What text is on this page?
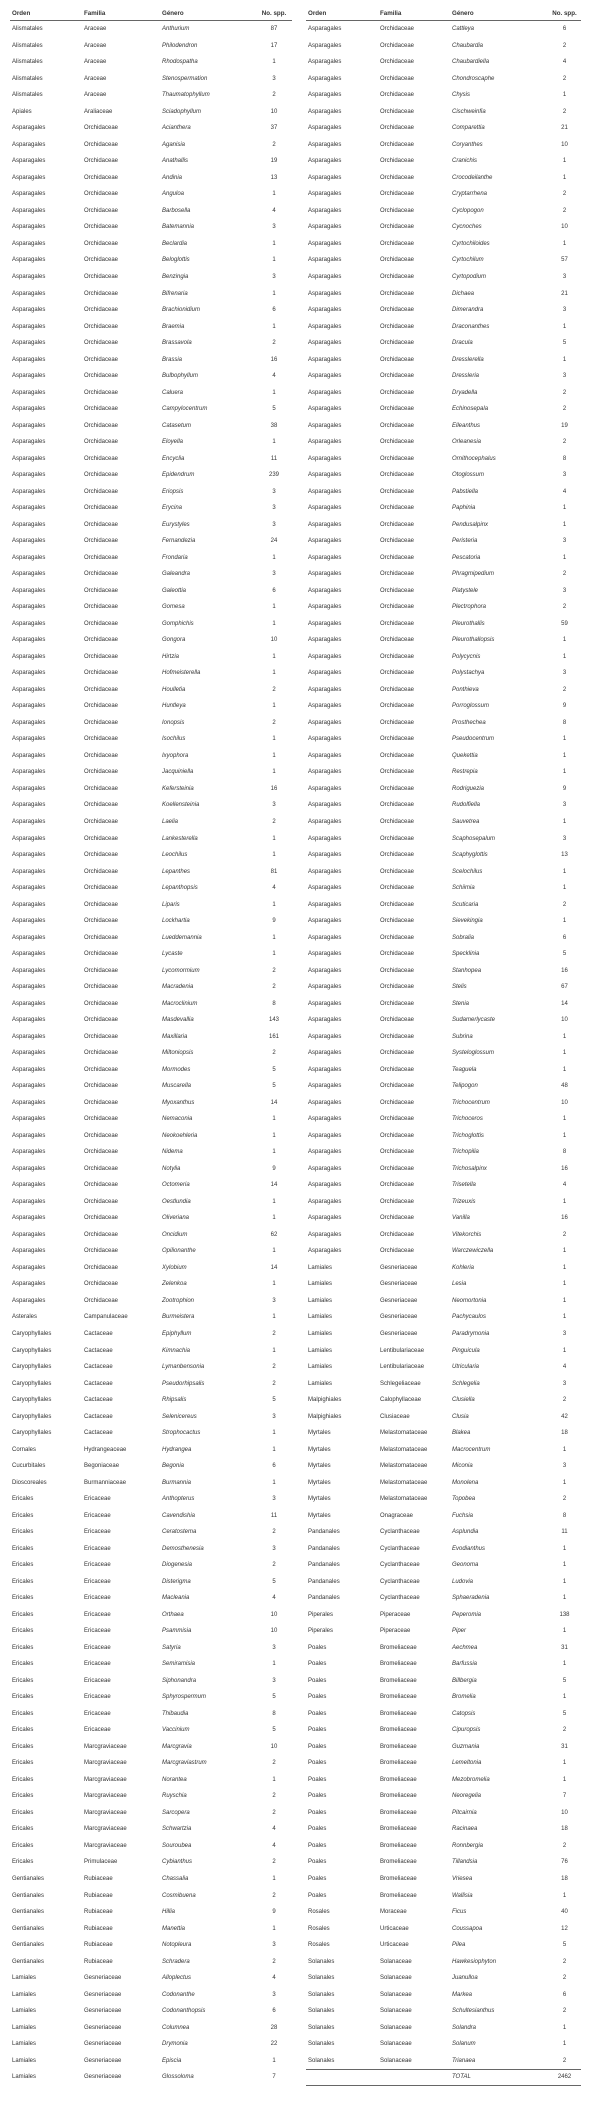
Orden	Familia	Género	No. spp.
Alismatales	Araceae	Anthurium	87
Alismatales	Araceae	Philodendron	17
Alismatales	Araceae	Rhodospatha	1
Alismatales	Araceae	Stenospermation	3
Alismatales	Araceae	Thaumatophyllum	2
Apiales	Araliaceae	Sciadophyllum	10
Asparagales	Orchidaceae	Acianthera	37
Asparagales	Orchidaceae	Aganisia	2
Asparagales	Orchidaceae	Anathallis	19
Asparagales	Orchidaceae	Andinia	13
Asparagales	Orchidaceae	Anguloa	1
Asparagales	Orchidaceae	Barbosella	4
Asparagales	Orchidaceae	Batemannia	3
Asparagales	Orchidaceae	Beclardia	1
Asparagales	Orchidaceae	Beloglottis	1
Asparagales	Orchidaceae	Benzingia	3
Asparagales	Orchidaceae	Bifrenaria	1
Asparagales	Orchidaceae	Brachionidium	6
Asparagales	Orchidaceae	Braemia	1
Asparagales	Orchidaceae	Brassavola	2
Asparagales	Orchidaceae	Brassia	16
Asparagales	Orchidaceae	Bulbophyllum	4
Asparagales	Orchidaceae	Caluera	1
Asparagales	Orchidaceae	Campylocentrum	5
Asparagales	Orchidaceae	Catasetum	38
Asparagales	Orchidaceae	Eloyella	1
Asparagales	Orchidaceae	Encyclia	11
Asparagales	Orchidaceae	Epidendrum	239
Asparagales	Orchidaceae	Eriopsis	3
Asparagales	Orchidaceae	Erycina	3
Asparagales	Orchidaceae	Eurystyles	3
Asparagales	Orchidaceae	Fernandezia	24
Asparagales	Orchidaceae	Frondaria	1
Asparagales	Orchidaceae	Galeandra	3
Asparagales	Orchidaceae	Galeottia	6
Asparagales	Orchidaceae	Gomesa	1
Asparagales	Orchidaceae	Gomphichis	1
Asparagales	Orchidaceae	Gongora	10
Asparagales	Orchidaceae	Hirtzia	1
Asparagales	Orchidaceae	Hofmeisterella	1
Asparagales	Orchidaceae	Houlletia	2
Asparagales	Orchidaceae	Huntleya	1
Asparagales	Orchidaceae	Ionopsis	2
Asparagales	Orchidaceae	Isochilus	1
Asparagales	Orchidaceae	Ixyophora	1
Asparagales	Orchidaceae	Jacquiniella	1
Asparagales	Orchidaceae	Kefersteinia	16
Asparagales	Orchidaceae	Koellensteinia	3
Asparagales	Orchidaceae	Laelia	2
Asparagales	Orchidaceae	Lankesterella	1
Asparagales	Orchidaceae	Leochilus	1
Asparagales	Orchidaceae	Lepanthes	81
Asparagales	Orchidaceae	Lepanthopsis	4
Asparagales	Orchidaceae	Liparis	1
Asparagales	Orchidaceae	Lockhartia	9
Asparagales	Orchidaceae	Lueddemannia	1
Asparagales	Orchidaceae	Lycaste	1
Asparagales	Orchidaceae	Lycomormium	2
Asparagales	Orchidaceae	Macradenia	2
Asparagales	Orchidaceae	Macroclinium	8
Asparagales	Orchidaceae	Masdevallia	143
Asparagales	Orchidaceae	Maxillaria	161
Asparagales	Orchidaceae	Miltoniopsis	2
Asparagales	Orchidaceae	Mormodes	5
Asparagales	Orchidaceae	Muscarella	5
Asparagales	Orchidaceae	Myoxanthus	14
Asparagales	Orchidaceae	Nemaconia	1
Asparagales	Orchidaceae	Neokoehleria	1
Asparagales	Orchidaceae	Nidema	1
Asparagales	Orchidaceae	Notylia	9
Asparagales	Orchidaceae	Octomeria	14
Asparagales	Orchidaceae	Oestlundia	1
Asparagales	Orchidaceae	Oliveriana	1
Asparagales	Orchidaceae	Oncidium	62
Asparagales	Orchidaceae	Opilionanthe	1
Asparagales	Orchidaceae	Xylobium	14
Asparagales	Orchidaceae	Zelenkoa	1
Asparagales	Orchidaceae	Zootrophion	3
Asterales	Campanulaceae	Burmeistera	1
Caryophyllales	Cactaceae	Epiphyllum	2
Caryophyllales	Cactaceae	Kimnachia	1
Caryophyllales	Cactaceae	Lymanbensonia	2
Caryophyllales	Cactaceae	Pseudorhipsalis	2
Caryophyllales	Cactaceae	Rhipsalis	5
Caryophyllales	Cactaceae	Selenicereus	3
Caryophyllales	Cactaceae	Strophocactus	1
Cornales	Hydrangeaceae	Hydrangea	1
Cucurbitales	Begoniaceae	Begonia	6
Dioscoreales	Burmanniaceae	Burmannia	1
Ericales	Ericaceae	Anthopterus	3
Ericales	Ericaceae	Cavendishia	11
Ericales	Ericaceae	Ceratostema	2
Ericales	Ericaceae	Demosthenesia	3
Ericales	Ericaceae	Diogenesia	2
Ericales	Ericaceae	Disterigma	5
Ericales	Ericaceae	Macleania	4
Ericales	Ericaceae	Orthaea	10
Ericales	Ericaceae	Psammisia	10
Ericales	Ericaceae	Satyria	3
Ericales	Ericaceae	Semiramisia	1
Ericales	Ericaceae	Siphonandra	3
Ericales	Ericaceae	Sphyrospermum	5
Ericales	Ericaceae	Thibaudia	8
Ericales	Ericaceae	Vaccinium	5
Ericales	Marcgraviaceae	Marcgravia	10
Ericales	Marcgraviaceae	Marcgraviastrum	2
Ericales	Marcgraviaceae	Norantea	1
Ericales	Marcgraviaceae	Ruyschia	2
Ericales	Marcgraviaceae	Sarcopera	2
Ericales	Marcgraviaceae	Schwartzia	4
Ericales	Marcgraviaceae	Souroubea	4
Ericales	Primulaceae	Cybianthus	2
Gentianales	Rubiaceae	Chassalia	1
Gentianales	Rubiaceae	Cosmibuena	2
Gentianales	Rubiaceae	Hillia	9
Gentianales	Rubiaceae	Manettia	1
Gentianales	Rubiaceae	Notopleura	3
Gentianales	Rubiaceae	Schradera	2
Lamiales	Gesneriaceae	Alloplectus	4
Lamiales	Gesneriaceae	Codonanthe	3
Lamiales	Gesneriaceae	Codonanthopsis	6
Lamiales	Gesneriaceae	Columnea	28
Lamiales	Gesneriaceae	Drymonia	22
Lamiales	Gesneriaceae	Episcia	1
Lamiales	Gesneriaceae	Glossoloma	7
Orden	Familia	Género	No. spp.
Asparagales	Orchidaceae	Cattleya	6
Asparagales	Orchidaceae	Chaubardia	2
Asparagales	Orchidaceae	Chaubardiella	4
Asparagales	Orchidaceae	Chondroscaphe	2
Asparagales	Orchidaceae	Chysis	1
Asparagales	Orchidaceae	Cischweinfia	2
Asparagales	Orchidaceae	Comparettia	21
Asparagales	Orchidaceae	Coryanthes	10
Asparagales	Orchidaceae	Cranichis	1
Asparagales	Orchidaceae	Crocodeilanthe	1
Asparagales	Orchidaceae	Cryptarrhena	2
Asparagales	Orchidaceae	Cyclopogon	2
Asparagales	Orchidaceae	Cycnoches	10
Asparagales	Orchidaceae	Cyrtochiloides	1
Asparagales	Orchidaceae	Cyrtochilum	57
Asparagales	Orchidaceae	Cyrtopodium	3
Asparagales	Orchidaceae	Dichaea	21
Asparagales	Orchidaceae	Dimerandra	3
Asparagales	Orchidaceae	Draconanthes	1
Asparagales	Orchidaceae	Dracula	5
Asparagales	Orchidaceae	Dresslerella	1
Asparagales	Orchidaceae	Dressleria	3
Asparagales	Orchidaceae	Dryadella	2
Asparagales	Orchidaceae	Echinosepala	2
Asparagales	Orchidaceae	Elleanthus	19
Asparagales	Orchidaceae	Orleanesia	2
Asparagales	Orchidaceae	Ornithocephalus	8
Asparagales	Orchidaceae	Otoglossum	3
Asparagales	Orchidaceae	Pabstiella	4
Asparagales	Orchidaceae	Paphinia	1
Asparagales	Orchidaceae	Pendusalpinx	1
Asparagales	Orchidaceae	Peristeria	3
Asparagales	Orchidaceae	Pescatoria	1
Asparagales	Orchidaceae	Phragmipedium	2
Asparagales	Orchidaceae	Platystele	3
Asparagales	Orchidaceae	Plectrophora	2
Asparagales	Orchidaceae	Pleurothallis	59
Asparagales	Orchidaceae	Pleurothallopsis	1
Asparagales	Orchidaceae	Polycycnis	1
Asparagales	Orchidaceae	Polystachya	3
Asparagales	Orchidaceae	Ponthieva	2
Asparagales	Orchidaceae	Porroglossum	9
Asparagales	Orchidaceae	Prosthechea	8
Asparagales	Orchidaceae	Pseudocentrum	1
Asparagales	Orchidaceae	Quekettia	1
Asparagales	Orchidaceae	Restrepia	1
Asparagales	Orchidaceae	Rodriguezia	9
Asparagales	Orchidaceae	Rudolfiella	3
Asparagales	Orchidaceae	Sauvetrea	1
Asparagales	Orchidaceae	Scaphosepalum	3
Asparagales	Orchidaceae	Scaphyglottis	13
Asparagales	Orchidaceae	Scelochilus	1
Asparagales	Orchidaceae	Schiimia	1
Asparagales	Orchidaceae	Scuticaria	2
Asparagales	Orchidaceae	Sievekingia	1
Asparagales	Orchidaceae	Sobralia	6
Asparagales	Orchidaceae	Specklinia	5
Asparagales	Orchidaceae	Stanhopea	16
Asparagales	Orchidaceae	Stelis	67
Asparagales	Orchidaceae	Stenia	14
Asparagales	Orchidaceae	Sudamerlycaste	10
Asparagales	Orchidaceae	Subrina	1
Asparagales	Orchidaceae	Systeloglossum	1
Asparagales	Orchidaceae	Teaguela	1
Asparagales	Orchidaceae	Telipogon	48
Asparagales	Orchidaceae	Trichocentrum	10
Asparagales	Orchidaceae	Trichoceros	1
Asparagales	Orchidaceae	Trichoglottis	1
Asparagales	Orchidaceae	Trichopilia	8
Asparagales	Orchidaceae	Trichosalpinx	16
Asparagales	Orchidaceae	Trisetella	4
Asparagales	Orchidaceae	Trizeuxis	1
Asparagales	Orchidaceae	Vanilla	16
Asparagales	Orchidaceae	Vitekorchis	2
Asparagales	Orchidaceae	Warczewiczella	1
Lamiales	Gesneriaceae	Kohleria	1
Lamiales	Gesneriaceae	Lesia	1
Lamiales	Gesneriaceae	Neomortonia	1
Lamiales	Gesneriaceae	Pachycaulos	1
Lamiales	Gesneriaceae	Paradrymonia	3
Lamiales	Lentibulariaceae	Pinguicula	1
Lamiales	Lentibulariaceae	Utricularia	4
Lamiales	Schlegeliaceae	Schlegelia	3
Malpighiales	Calophyllaceae	Clusiella	2
Malpighiales	Clusiaceae	Clusia	42
Myrtales	Melastomataceae	Blakea	18
Myrtales	Melastomataceae	Macrocentrum	1
Myrtales	Melastomataceae	Miconia	3
Myrtales	Melastomataceae	Monolena	1
Myrtales	Melastomataceae	Topobea	2
Myrtales	Onagraceae	Fuchsia	8
Pandanales	Cyclanthaceae	Asplundia	11
Pandanales	Cyclanthaceae	Evodianthus	1
Pandanales	Cyclanthaceae	Geonoma	1
Pandanales	Cyclanthaceae	Ludovia	1
Pandanales	Cyclanthaceae	Sphaeradenia	1
Piperales	Piperaceae	Peperomia	138
Piperales	Piperaceae	Piper	1
Poales	Bromeliaceae	Aechmea	31
Poales	Bromeliaceae	Barfussia	1
Poales	Bromeliaceae	Billbergia	5
Poales	Bromeliaceae	Bromelia	1
Poales	Bromeliaceae	Catopsis	5
Poales	Bromeliaceae	Cipuropsis	2
Poales	Bromeliaceae	Guzmania	31
Poales	Bromeliaceae	Lemeltonia	1
Poales	Bromeliaceae	Mezobromelia	1
Poales	Bromeliaceae	Neoregelia	7
Poales	Bromeliaceae	Pitcairnia	10
Poales	Bromeliaceae	Racinaea	18
Poales	Bromeliaceae	Ronnbergia	2
Poales	Bromeliaceae	Tillandsia	76
Poales	Bromeliaceae	Vriesea	18
Poales	Bromeliaceae	Wallisia	1
Rosales	Moraceae	Ficus	40
Rosales	Urticaceae	Coussapoa	12
Rosales	Urticaceae	Pilea	5
Solanales	Solanaceae	Hawkesiophyton	2
Solanales	Solanaceae	Juanulloa	2
Solanales	Solanaceae	Markea	6
Solanales	Solanaceae	Schultesianthus	2
Solanales	Solanaceae	Solandra	1
Solanales	Solanaceae	Solanum	1
Solanales	Solanaceae	Trianaea	2
		TOTAL	2462
